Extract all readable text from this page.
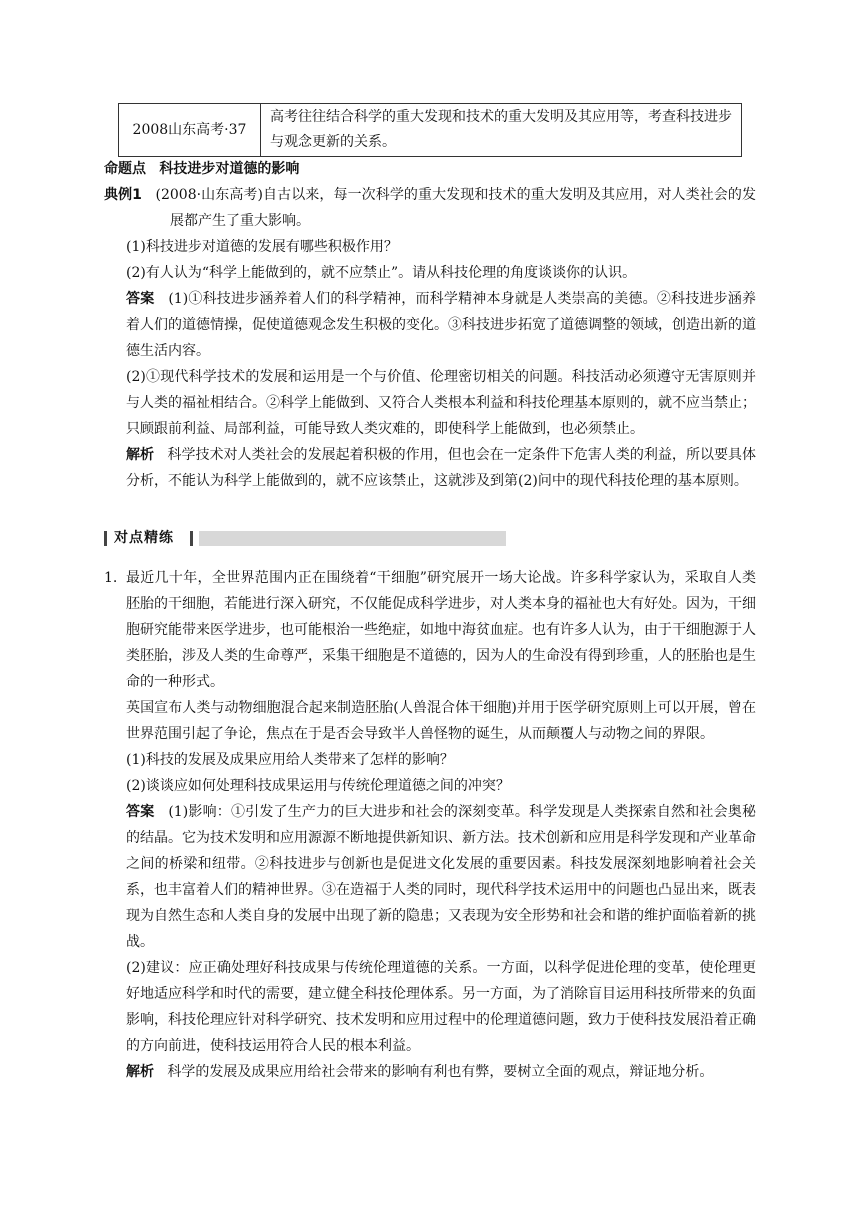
2008山东高考·37	高考往往结合科学的重大发现和技术的重大发明及其应用等，考查科技进步与观念更新的关系。

命题点 科技进步对道德的影响

典例1 (2008·山东高考)自古以来，每一次科学的重大发现和技术的重大发明及其应用，对人类社会的发展都产生了重大影响。

(1)科技进步对道德的发展有哪些积极作用？

(2)有人认为“科学上能做到的，就不应禁止”。请从科技伦理的角度谈谈你的认识。

答案 (1)①科技进步涵养着人们的科学精神，而科学精神本身就是人类崇高的美德。②科技进步涵养着人们的道德情操，促使道德观念发生积极的变化。③科技进步拓宽了道德调整的领域，创造出新的道德生活内容。

(2)①现代科学技术的发展和运用是一个与价值、伦理密切相关的问题。科技活动必须遵守无害原则并与人类的福祉相结合。②科学上能做到、又符合人类根本利益和科技伦理基本原则的，就不应当禁止；只顾跟前利益、局部利益，可能导致人类灾难的，即使科学上能做到，也必须禁止。

解析 科学技术对人类社会的发展起着积极的作用，但也会在一定条件下危害人类的利益，所以要具体分析，不能认为科学上能做到的，就不应该禁止，这就涉及到第(2)问中的现代科技伦理的基本原则。

对点精练
1. 最近几十年，全世界范围内正在围绕着“干细胞”研究展开一场大论战。许多科学家认为，采取自人类胚胎的干细胞，若能进行深入研究，不仅能促成科学进步，对人类本身的福祉也大有好处。因为，干细胞研究能带来医学进步，也可能根治一些绝症，如地中海贫血症。也有许多人认为，由于干细胞源于人类胚胎，涉及人类的生命尊严，采集干细胞是不道德的，因为人的生命没有得到珍重，人的胚胎也是生命的一种形式。

英国宣布人类与动物细胞混合起来制造胚胎(人兽混合体干细胞)并用于医学研究原则上可以开展，曾在世界范围引起了争论，焦点在于是否会导致半人兽怪物的诞生，从而颠覆人与动物之间的界限。

(1)科技的发展及成果应用给人类带来了怎样的影响？

(2)谈谈应如何处理科技成果运用与传统伦理道德之间的冲突？

答案 (1)影响：①引发了生产力的巨大进步和社会的深刻变革。科学发现是人类探索自然和社会奥秘的结晶。它为技术发明和应用源源不断地提供新知识、新方法。技术创新和应用是科学发现和产业革命之间的桥梁和纽带。②科技进步与创新也是促进文化发展的重要因素。科技发展深刻地影响着社会关系，也丰富着人们的精神世界。③在造福于人类的同时，现代科学技术运用中的问题也凸显出来，既表现为自然生态和人类自身的发展中出现了新的隐患；又表现为安全形势和社会和谐的维护面临着新的挑战。

(2)建议：应正确处理好科技成果与传统伦理道德的关系。一方面，以科学促进伦理的变革，使伦理更好地适应科学和时代的需要，建立健全科技伦理体系。另一方面，为了消除盲目运用科技所带来的负面影响，科技伦理应针对科学研究、技术发明和应用过程中的伦理道德问题，致力于使科技发展沿着正确的方向前进，使科技运用符合人民的根本利益。

解析 科学的发展及成果应用给社会带来的影响有利也有弊，要树立全面的观点，辩证地分析。
